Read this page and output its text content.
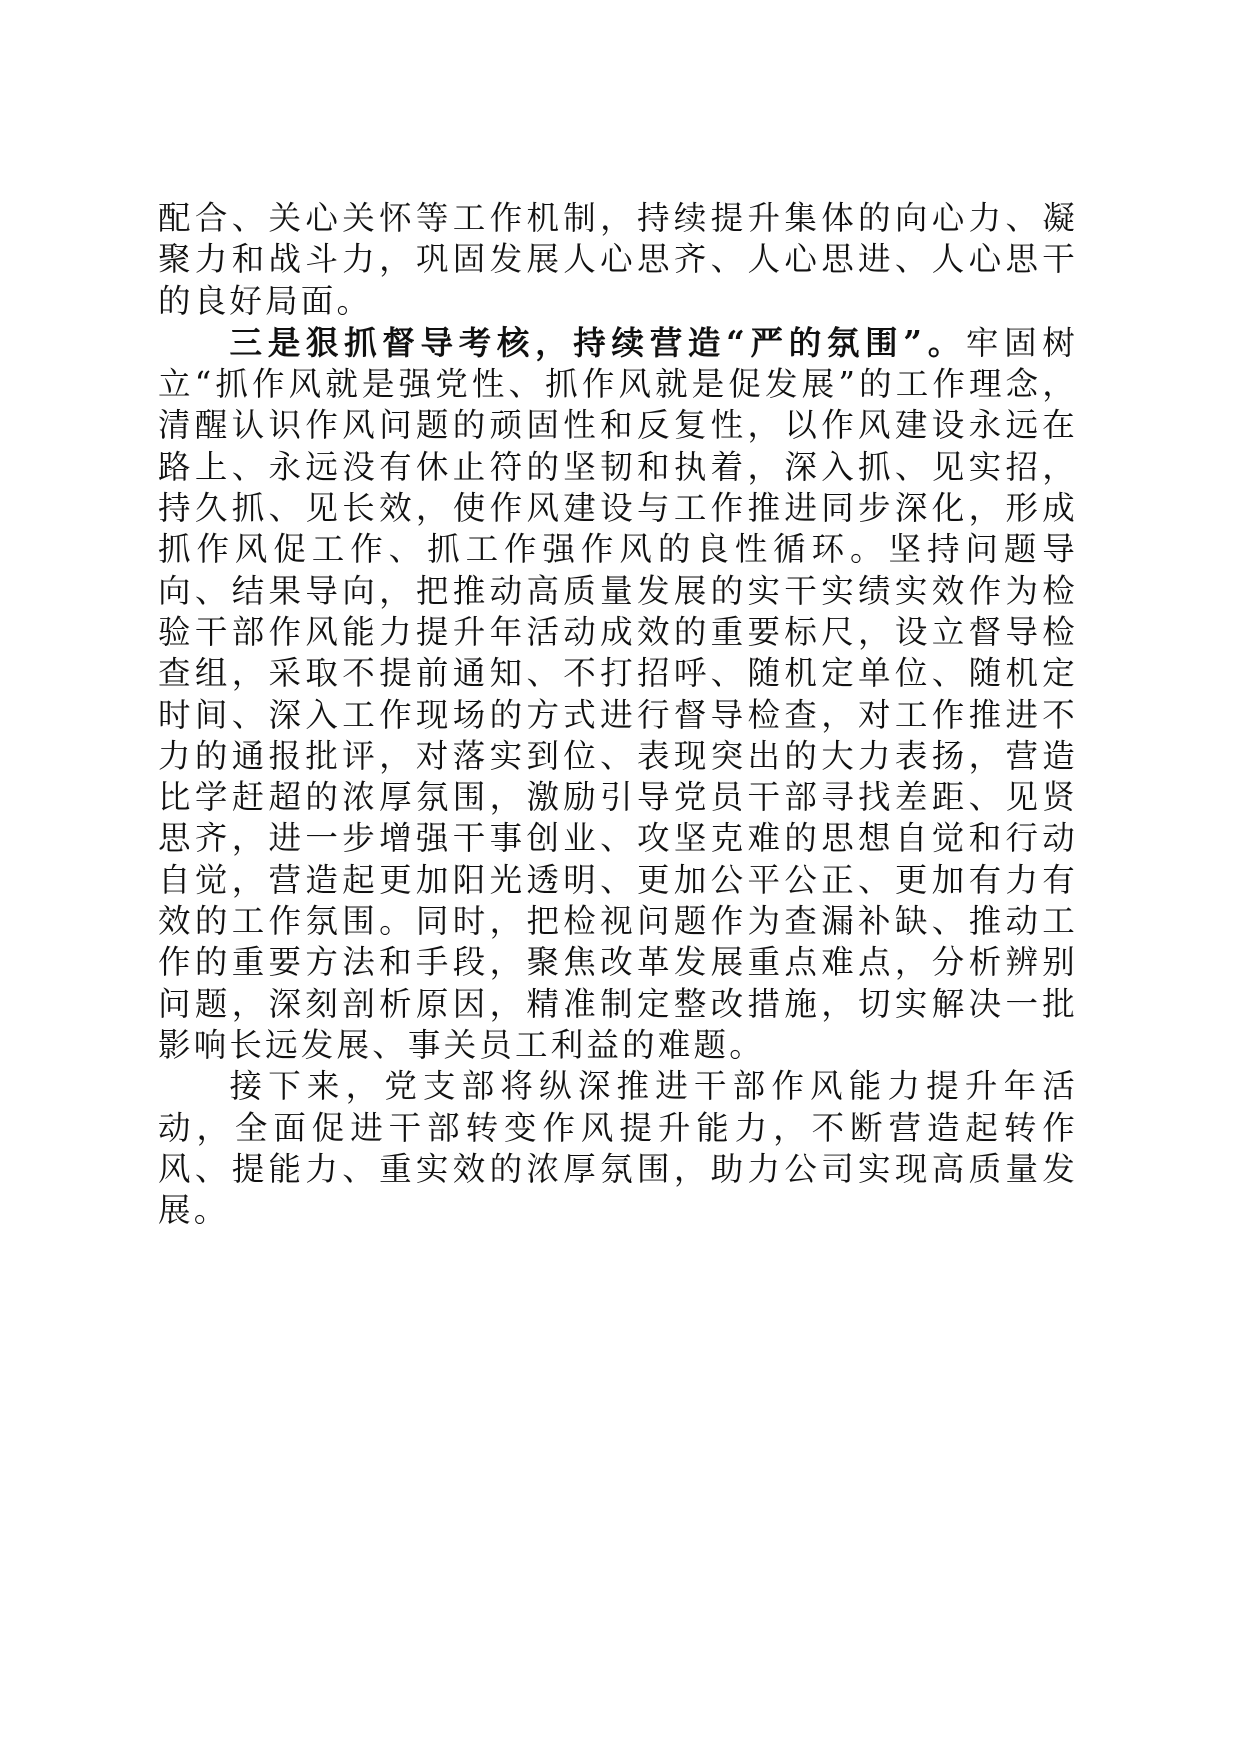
配合、关心关怀等工作机制，持续提升集体的向心力、凝聚力和战斗力，巩固发展人心思齐、人心思进、人心思干的良好局面。

三是狠抓督导考核，持续营造“严的氛围”。牢固树立“抓作风就是强党性、抓作风就是促发展”的工作理念，清醒认识作风问题的顽固性和反复性，以作风建设永远在路上、永远没有休止符的坚韧和执着，深入抓、见实招，持久抓、见长效，使作风建设与工作推进同步深化，形成抓作风促工作、抓工作强作风的良性循环。坚持问题导向、结果导向，把推动高质量发展的实干实绩实效作为检验干部作风能力提升年活动成效的重要标尺，设立督导检查组，采取不提前通知、不打招呼、随机定单位、随机定时间、深入工作现场的方式进行督导检查，对工作推进不力的通报批评，对落实到位、表现突出的大力表扬，营造比学赶超的浓厚氛围，激励引导党员干部寻找差距、见贤思齐，进一步增强干事创业、攻坚克难的思想自觉和行动自觉，营造起更加阳光透明、更加公平公正、更加有力有效的工作氛围。同时，把检视问题作为查漏补缺、推动工作的重要方法和手段，聚焦改革发展重点难点，分析辨别问题，深刻剖析原因，精准制定整改措施，切实解决一批影响长远发展、事关员工利益的难题。

接下来，党支部将纵深推进干部作风能力提升年活动，全面促进干部转变作风提升能力，不断营造起转作风、提能力、重实效的浓厚氛围，助力公司实现高质量发展。
